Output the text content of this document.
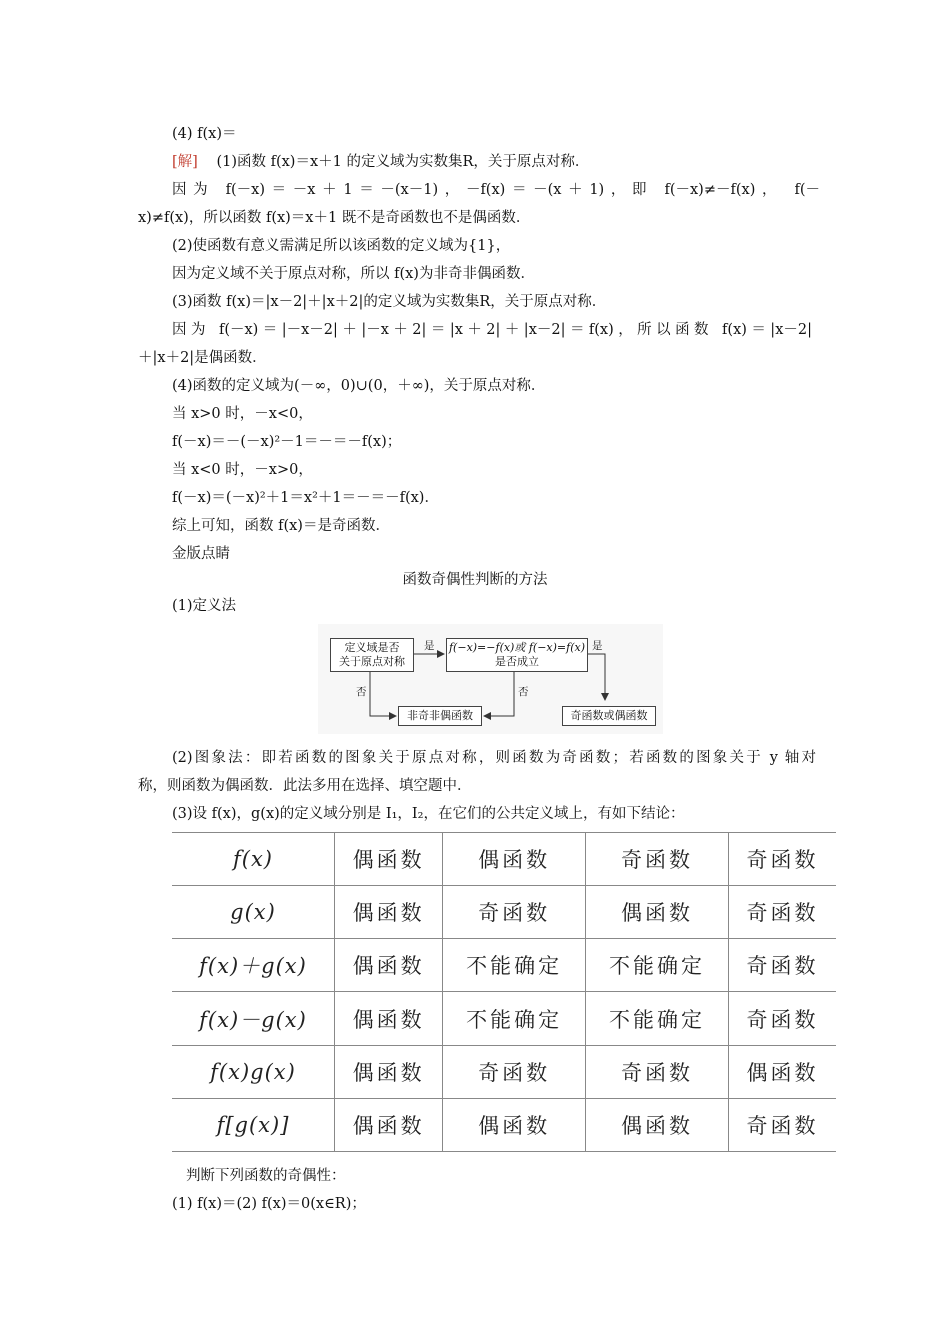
(4) f(x)＝
[解] (1)函数 f(x)＝x＋1 的定义域为实数集R，关于原点对称．
因为 f(－x)＝－x＋1＝－(x－1)，－f(x)＝－(x＋1)，即 f(－x)≠－f(x)， f(－
x)≠f(x)，所以函数 f(x)＝x＋1 既不是奇函数也不是偶函数．
(2)使函数有意义需满足所以该函数的定义域为{1}，
因为定义域不关于原点对称，所以 f(x)为非奇非偶函数．
(3)函数 f(x)＝|x－2|＋|x＋2|的定义域为实数集R，关于原点对称．
因为 f(－x)＝|－x－2|＋|－x＋2|＝|x＋2|＋|x－2|＝f(x)，所以函数 f(x)＝|x－2|
＋|x＋2|是偶函数．
(4)函数的定义域为(－∞，0)∪(0，＋∞)，关于原点对称．
当 x>0 时，－x<0，
f(－x)＝－(－x)²－1＝－＝－f(x)；
当 x<0 时，－x>0，
f(－x)＝(－x)²＋1＝x²＋1＝－＝－f(x)．
综上可知，函数 f(x)＝是奇函数．
金版点睛
函数奇偶性判断的方法
(1)定义法
定义域是否
关于原点对称
f(−x)=−f(x)或 f(−x)=f(x)
是否成立
非奇非偶函数	奇函数或偶函数
是	是
否	否
(2)图象法：即若函数的图象关于原点对称，则函数为奇函数；若函数的图象关于 y 轴对
称，则函数为偶函数．此法多用在选择、填空题中．
(3)设 f(x)，g(x)的定义域分别是 I₁，I₂，在它们的公共定义域上，有如下结论：
f(x)	偶函数	偶函数	奇函数	奇函数
g(x)	偶函数	奇函数	偶函数	奇函数
f(x)＋g(x)	偶函数	不能确定	不能确定	奇函数
f(x)－g(x)	偶函数	不能确定	不能确定	奇函数
f(x)g(x)	偶函数	奇函数	奇函数	偶函数
f[g(x)]	偶函数	偶函数	偶函数	奇函数
判断下列函数的奇偶性：
(1) f(x)＝(2) f(x)＝0(x∈R)；
